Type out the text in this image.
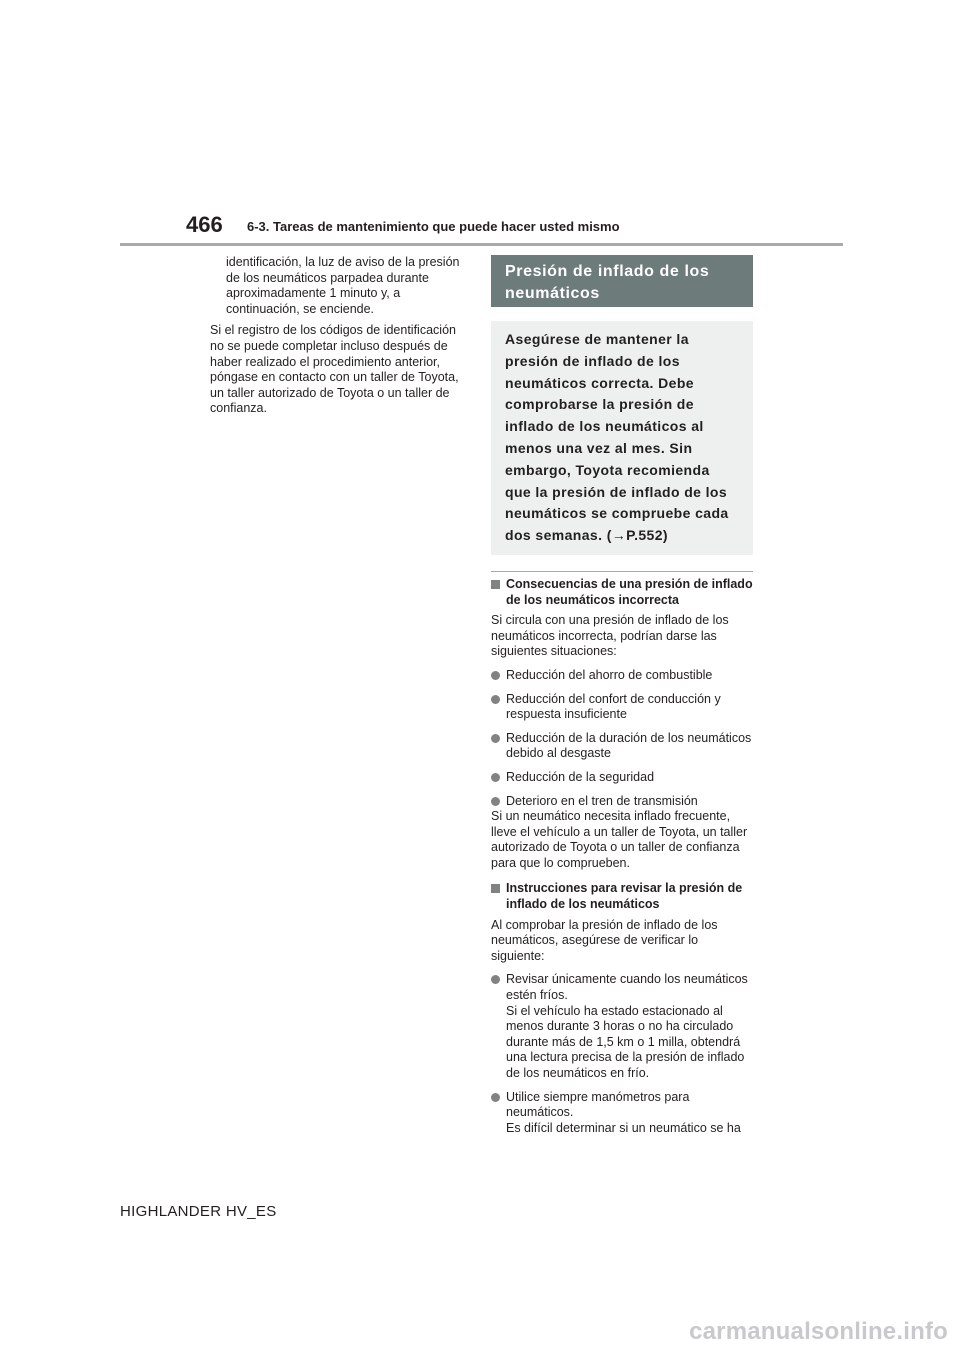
466 6-3. Tareas de mantenimiento que puede hacer usted mismo

identificación, la luz de aviso de la presión de los neumáticos parpadea durante aproximadamente 1 minuto y, a continuación, se enciende.

Si el registro de los códigos de identificación no se puede completar incluso después de haber realizado el procedimiento anterior, póngase en contacto con un taller de Toyota, un taller autorizado de Toyota o un taller de confianza.

Presión de inflado de los neumáticos
Asegúrese de mantener la presión de inflado de los neumáticos correcta. Debe comprobarse la presión de inflado de los neumáticos al menos una vez al mes. Sin embargo, Toyota recomienda que la presión de inflado de los neumáticos se compruebe cada dos semanas. (→P.552)
Consecuencias de una presión de inflado de los neumáticos incorrecta

Si circula con una presión de inflado de los neumáticos incorrecta, podrían darse las siguientes situaciones:

Reducción del ahorro de combustible
Reducción del confort de conducción y respuesta insuficiente
Reducción de la duración de los neumáticos debido al desgaste
Reducción de la seguridad
Deterioro en el tren de transmisión

Si un neumático necesita inflado frecuente, lleve el vehículo a un taller de Toyota, un taller autorizado de Toyota o un taller de confianza para que lo comprueben.

Instrucciones para revisar la presión de inflado de los neumáticos

Al comprobar la presión de inflado de los neumáticos, asegúrese de verificar lo siguiente:

Revisar únicamente cuando los neumáticos estén fríos.
Si el vehículo ha estado estacionado al menos durante 3 horas o no ha circulado durante más de 1,5 km o 1 milla, obtendrá una lectura precisa de la presión de inflado de los neumáticos en frío.
Utilice siempre manómetros para neumáticos.
Es difícil determinar si un neumático se ha
HIGHLANDER HV_ES
carmanualsonline.info
